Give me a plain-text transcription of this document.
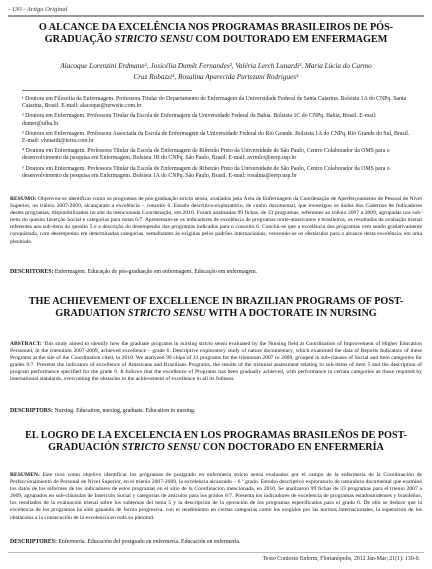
- 130 - Artigo Original
O ALCANCE DA EXCELÊNCIA NOS PROGRAMAS BRASILEIROS DE PÓS-GRADUAÇÃO STRICTO SENSU COM DOUTORADO EM ENFERMAGEM
Alacoque Lorenzini Erdmann¹, Josicélia Dumêt Fernandes², Valéria Lerch Lunardi³, Maria Lúcia do Carmo
Cruz Robazzi⁴, Rosalina Aparecida Partezani Rodrigues⁵
¹ Doutora em Filosofia da Enfermagem. Professora Titular do Departamento de Enfermagem da Universidade Federal de Santa Catarina. Bolsista 1A do CNPq. Santa Catarina, Brasil. E-mail: alacoque@newsite.com.br
² Doutora em Enfermagem. Professora Titular da Escola de Enfermagem da Universidade Federal da Bahia. Bolsista 1C do CNPq. Bahia, Brasil. E-mail: dumet@ufba.br
³ Doutora em Enfermagem. Professora Associada da Escola de Enfermagem da Universidade Federal do Rio Grande. Bolsista 1A do CNPq. Rio Grande do Sul, Brasil. E-mail: vlunardi@terra.com.br
⁴ Doutora em Enfermagem. Professora Titular da Escola de Enfermagem de Ribeirão Preto da Universidade de São Paulo, Centro Colaborador da OMS para o desenvolvimento da pesquisa em Enfermagem. Bolsista 1B do CNPq. São Paulo, Brasil. E-mail: avrmlcr@eerp.usp.br
⁵ Doutora em Enfermagem. Professora Titular da Escola de Enfermagem de Ribeirão Preto da Universidade de São Paulo, Centro Colaborador da OMS para o desenvolvimento da pesquisa em Enfermagem. Bolsista 1A do CNPq. São Paulo, Brasil. E-mail: rosalina@eerp.usp.br
RESUMO: Objetivou-se identificar como os programas de pós-graduação stricto sensu, avaliados pela Área de Enfermagem da Coordenação de Aperfeiçoamento de Pessoal de Nível Superior, no triênio 2007-2009, alcançaram a excelência – conceito 6. Estudo descritivo-exploratório, de cunho documental, que investigou os dados dos Cadernos de Indicadores destes programas, disponibilizados no site da mencionada Coordenação, em 2010. Foram analisadas 99 fichas, de 33 programas, referentes ao triênio 2007 a 2009, agrupadas nos sub-itens do quesito Inserção Social e categorias para notas 6/7. Apresentam-se os indicadores de excelência de programas norte-americanos e brasileiros, os resultados da avaliação trienal referentes aos sub-itens do quesito 5 e a descrição do desempenho dos programas indicados para o conceito 6. Conclui-se que a excelência dos programas vem sendo gradativamente conquistada, com desempenho em determinadas categorias, semelhantes às exigidas pelos padrões internacionais, vencendo-se os obstáculos para o alcance desta excelência, em uma plenitude.
DESCRITORES: Enfermagem. Educação de pós-graduação em enfermagem. Educação em enfermagem.
THE ACHIEVEMENT OF EXCELLENCE IN BRAZILIAN PROGRAMS OF POST-GRADUATION STRICTO SENSU WITH A DOCTORATE IN NURSING
ABSTRACT: This study aimed to identify how the graduate programs in nursing stricto sensu evaluated by the Nursing field at Coordination of Improvement of Higher Education Personnel, in the triennium 2007-2009, achieved excellence – grade 6. Descriptive exploratory study of nature documentary, which examined the data of Reports Indicators of these Programs at the site of the Coordination cited, in 2010. We analyzed 99 chips of 33 programs for the triennium 2007 to 2009, grouped in sub-clauses of Social and item categories for grades 6/7. Presents the indicators of excellence of Americans and Brazilians Programs, the results of the triennial assessment relating to sub-items of item 5 and the description of program performance specified for the grade 6. It follows that the excellence of Programs has been gradually achieved, with performance in certain categories as those required by international standards, overcoming the obstacles to the achievement of excellence in all its fullness.
DESCRIPTORS: Nursing. Education, nursing, graduate. Education in nursing.
EL LOGRO DE LA EXCELENCIA EN LOS PROGRAMAS BRASILEÑOS DE POST-GRADUACIÓN STRICTO SENSU CON DOCTORADO EN ENFERMERÍA
RESUMEN: Este tuve como objetivo identificar los programas de postgrado en enfermería stricto sensu evaluados por el campo de la enfermería de la Coordinación de Perfeccionamiento de Personal de Nivel Superior, en el trienio 2007-2009, la excelencia alcanzado – 6 º grado. Estudio descriptivo exploratorio de naturaleza documental que examinó los datos de los informes de los indicadores de estos programas en el sitio de la Coordinación mencionada, en 2010. Se analizaron 99 fichas de 33 programas para el trienio 2007 a 2009, agrupados en sub-cláusulas de Inserción Social y categorías de artículos para los grados 6/7. Presenta los indicadores de excelencia de programas estadounidenses y brasileños, los resultados de la evaluación trienal sobre los subtemas del tema 5 y la descripción de la ejecución de los programas especificados para el grado 6. De ello se deduce que la excelencia de los programas ha sido ganando de forma progresiva, con el rendimiento en ciertas categorías como los exigidos por las normas internacionales, la superación de los obstáculos a la consecución de la excelencia en toda su plenitud.
DESCRIPTORES: Enfermería. Educación del postgrado en enfermería. Educación en enfermería.
Texto Contexto Enferm, Florianópolis, 2012 Jan-Mar; 21(1): 130-9.
